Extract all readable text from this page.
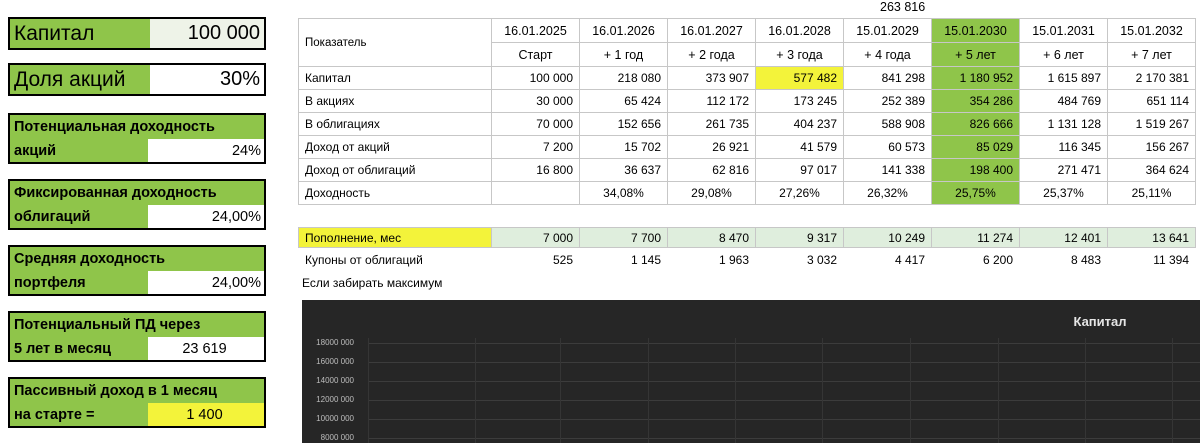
Капитал	100 000
Доля акций	30%
Потенциальная доходность
акций	24%
Фиксированная доходность
облигаций	24,00%
Средняя доходность
портфеля	24,00%
Потенциальный ПД через
5 лет в месяц	23 619
Пассивный доход в 1 месяц
на старте =	1 400
263 816
Показатель	16.01.2025	16.01.2026	16.01.2027	16.01.2028	15.01.2029	15.01.2030	15.01.2031	15.01.2032
	Старт	+ 1 год	+ 2 года	+ 3 года	+ 4 года	+ 5 лет	+ 6 лет	+ 7 лет
Капитал	100 000	218 080	373 907	577 482	841 298	1 180 952	1 615 897	2 170 381
В акциях	30 000	65 424	112 172	173 245	252 389	354 286	484 769	651 114
В облигациях	70 000	152 656	261 735	404 237	588 908	826 666	1 131 128	1 519 267
Доход от акций	7 200	15 702	26 921	41 579	60 573	85 029	116 345	156 267
Доход от облигаций	16 800	36 637	62 816	97 017	141 338	198 400	271 471	364 624
Доходность		34,08%	29,08%	27,26%	26,32%	25,75%	25,37%	25,11%
Пополнение, мес	7 000	7 700	8 470	9 317	10 249	11 274	12 401	13 641
Купоны от облигаций	525	1 145	1 963	3 032	4 417	6 200	8 483	11 394
Если забирать максимум
Капитал
18000 000
16000 000
14000 000
12000 000
10000 000
8000 000
